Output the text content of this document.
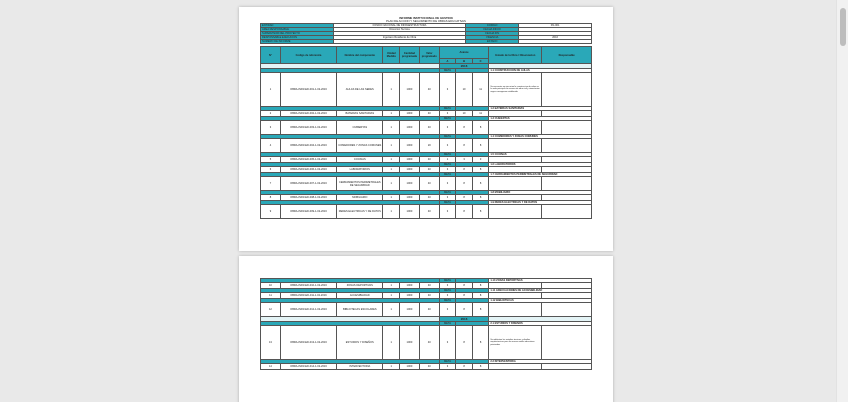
INFORME INSTITUCIONAL DE GESTION			
PLAN DE ACCION Y SEGUIMIENTO DE OBRAS EDUCATIVAS			
ENTIDAD	FONDO NACIONAL DE INFRAESTRUCTURA	CODIGO	FN-001
AREA RESPONSABLE	Direccion Tecnica	FECHA INICIO	
SUPERVISOR DEL PROYECTO		FECHA FIN	
RESPONSABLE EJECUCION	Ingeniero Residente de Obra	VIGENCIA	2016
NUMERO DE INFORME		ESTADO	
N°	Codigo de referencia	Nombre del componente	Unidad Medida	Cantidad programada	Valor programado	Avance			Estado de la Obra / Observacion	Responsable
						A	B	C		
						2016				
						META			1.1 CONSTRUCCION DE AULAS	
1	OBRA-INFR-ED-001-1-02-2016	AULAS DE LAS SEDES	1	1000	40	3	10	11	Se encuentra en ejecucion la construccion de aulas en la sede principal con avance de obra civil y cimentacion segun cronograma establecido	
						META			1.2 BATERIAS SANITARIAS	
2	OBRA-INFR-ED-002-1-02-2016	BATERIAS SANITARIAS	1	1000	40	3	10	11		
						META			1.3 CUBIERTAS	
3	OBRA-INFR-ED-003-1-02-2016	CUBIERTAS	1	1000	40	3	8	8		
						META			1.4 COMEDORES Y ZONAS COMUNES	
4	OBRA-INFR-ED-004-1-02-2016	COMEDORES Y ZONAS COMUNES	1	1000	20	3	8	8		
						META			1.5 COCINAS	
5	OBRA-INFR-ED-005-1-02-2016	COCINAS	1	1000	40	1	3	3		
						META			1.6 LABORATORIOS	
6	OBRA-INFR-ED-006-1-02-2016	LABORATORIOS	1	1000	40	3	8	8		
						META			1.7 CERRAMIENTOS PERIMETRALES DE SEGURIDAD	
7	OBRA-INFR-ED-007-1-02-2016	CERRAMIENTOS PERIMETRALES DE SEGURIDAD	1	1000	40	3	8	8		
						META			1.8 MOBILIARIO	
8	OBRA-INFR-ED-008-1-02-2016	MOBILIARIO	1	1000	40	3	8	8		
						META			1.9 REDES ELECTRICAS Y DE DATOS	
9	OBRA-INFR-ED-009-1-02-2016	REDES ELECTRICAS Y DE DATOS	1	1000	40	3	8	8		
						META			1.10 ZONAS DEPORTIVAS	
10	OBRA-INFR-ED-010-1-02-2016	ZONAS DEPORTIVAS	1	1000	40	3	8	8		
						META			1.11 ADECUACIONES DE ACCESIBILIDAD	
11	OBRA-INFR-ED-011-1-02-2016	ACCESIBILIDAD	1	1000	40	3	8	8		
						META			1.12 BIBLIOTECAS	
12	OBRA-INFR-ED-012-1-02-2016	BIBLIOTECAS ESCOLARES	1	1000	40	3	8	8		
						2016				
						META			2.1 ESTUDIOS Y DISEÑOS	
13	OBRA-INFR-ED-013-1-02-2016	ESTUDIOS Y DISEÑOS	1	1000	40	3	8	8	Se adelantan los estudios tecnicos y diseños arquitectonicos para las nuevas sedes educativas priorizadas	
						META			2.2 INTERVENTORIA	
14	OBRA-INFR-ED-014-1-02-2016	INTERVENTORIA	1	1000	40	3	8	8		
